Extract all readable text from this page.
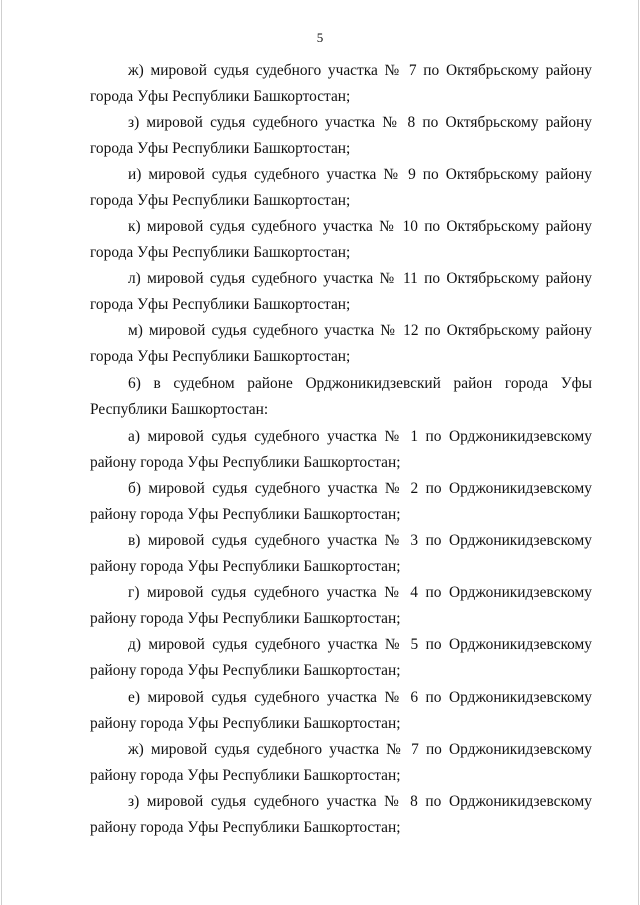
5
ж) мировой судья судебного участка № 7 по Октябрьскому району
города Уфы Республики Башкортостан;
з) мировой судья судебного участка № 8 по Октябрьскому району
города Уфы Республики Башкортостан;
и) мировой судья судебного участка № 9 по Октябрьскому району
города Уфы Республики Башкортостан;
к) мировой судья судебного участка № 10 по Октябрьскому району
города Уфы Республики Башкортостан;
л) мировой судья судебного участка № 11 по Октябрьскому району
города Уфы Республики Башкортостан;
м) мировой судья судебного участка № 12 по Октябрьскому району
города Уфы Республики Башкортостан;
6) в судебном районе Орджоникидзевский район города Уфы
Республики Башкортостан:
а) мировой судья судебного участка № 1 по Орджоникидзевскому
району города Уфы Республики Башкортостан;
б) мировой судья судебного участка № 2 по Орджоникидзевскому
району города Уфы Республики Башкортостан;
в) мировой судья судебного участка № 3 по Орджоникидзевскому
району города Уфы Республики Башкортостан;
г) мировой судья судебного участка № 4 по Орджоникидзевскому
району города Уфы Республики Башкортостан;
д) мировой судья судебного участка № 5 по Орджоникидзевскому
району города Уфы Республики Башкортостан;
е) мировой судья судебного участка № 6 по Орджоникидзевскому
району города Уфы Республики Башкортостан;
ж) мировой судья судебного участка № 7 по Орджоникидзевскому
району города Уфы Республики Башкортостан;
з) мировой судья судебного участка № 8 по Орджоникидзевскому
району города Уфы Республики Башкортостан;
